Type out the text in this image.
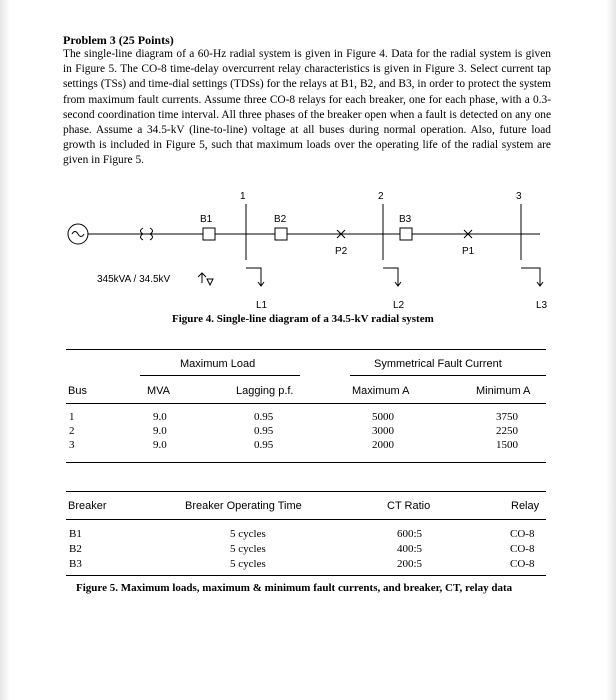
Problem 3 (25 Points)
The single-line diagram of a 60-Hz radial system is given in Figure 4. Data for the radial system is given in Figure 5. The CO-8 time-delay overcurrent relay characteristics is given in Figure 3. Select current tap settings (TSs) and time-dial settings (TDSs) for the relays at B1, B2, and B3, in order to protect the system from maximum fault currents. Assume three CO-8 relays for each breaker, one for each phase, with a 0.3-second coordination time interval. All three phases of the breaker open when a fault is detected on any one phase. Assume a 34.5-kV (line-to-line) voltage at all buses during normal operation. Also, future load growth is included in Figure 5, such that maximum loads over the operating life of the radial system are given in Figure 5.
1	2	3
B1	B2	B3
P2	P1
345kVA / 34.5kV
L1	L2	L3
Figure 4. Single-line diagram of a 34.5-kV radial system
Maximum Load	Symmetrical Fault Current
Bus	MVA	Lagging p.f.	Maximum A	Minimum A
1	9.0	0.95	5000	3750
2	9.0	0.95	3000	2250
3	9.0	0.95	2000	1500
Breaker	Breaker Operating Time	CT Ratio	Relay
B1	5 cycles	600:5	CO-8
B2	5 cycles	400:5	CO-8
B3	5 cycles	200:5	CO-8
Figure 5. Maximum loads, maximum & minimum fault currents, and breaker, CT, relay data
